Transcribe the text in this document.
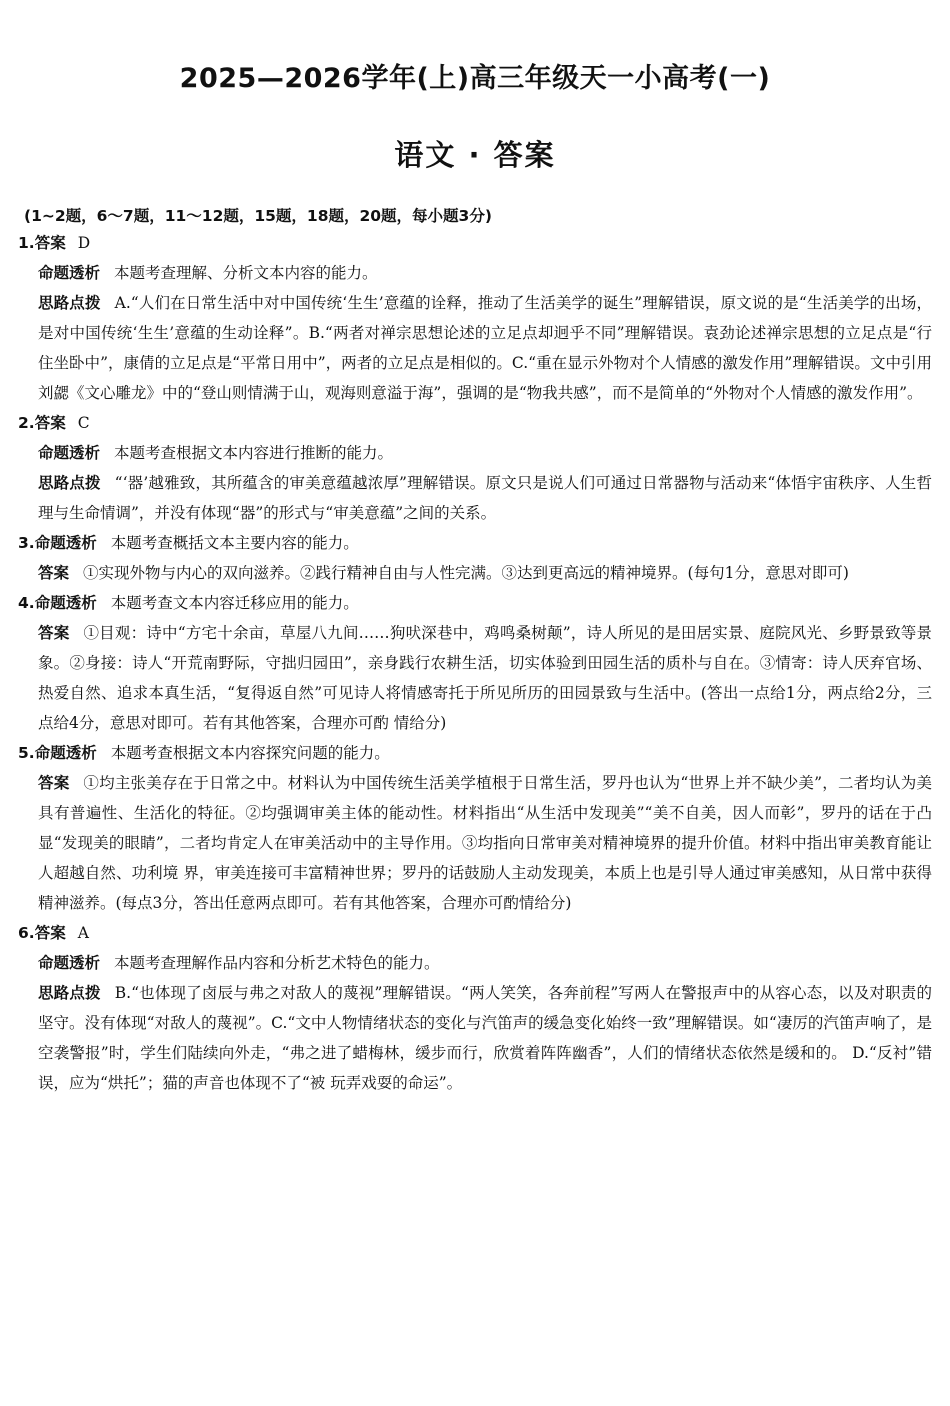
2025—2026学年(上)高三年级天一小高考(一)
语文 · 答案
(1~2题，6～7题，11～12题，15题，18题，20题，每小题3分)
1.答案 D

命题透析 本题考查理解、分析文本内容的能力。

思路点拨 A.“人们在日常生活中对中国传统‘生生’意蕴的诠释，推动了生活美学的诞生”理解错误，原文说的是“生活美学的出场，是对中国传统‘生生’意蕴的生动诠释”。B.“两者对禅宗思想论述的立足点却迥乎不同”理解错误。袁劲论述禅宗思想的立足点是“行住坐卧中”，康倩的立足点是“平常日用中”，两者的立足点是相似的。C.“重在显示外物对个人情感的激发作用”理解错误。文中引用刘勰《文心雕龙》中的“登山则情满于山，观海则意溢于海”，强调的是“物我共感”，而不是简单的“外物对个人情感的激发作用”。

2.答案 C

命题透析 本题考查根据文本内容进行推断的能力。

思路点拨 “‘器’越雅致，其所蕴含的审美意蕴越浓厚”理解错误。原文只是说人们可通过日常器物与活动来“体悟宇宙秩序、人生哲理与生命情调”，并没有体现“器”的形式与“审美意蕴”之间的关系。

3.命题透析 本题考查概括文本主要内容的能力。

答案 ①实现外物与内心的双向滋养。②践行精神自由与人性完满。③达到更高远的精神境界。(每句1分，意思对即可)

4.命题透析 本题考查文本内容迁移应用的能力。

答案 ①目观：诗中“方宅十余亩，草屋八九间……狗吠深巷中，鸡鸣桑树颠”，诗人所见的是田居实景、庭院风光、乡野景致等景象。②身接：诗人“开荒南野际，守拙归园田”，亲身践行农耕生活，切实体验到田园生活的质朴与自在。③情寄：诗人厌弃官场、热爱自然、追求本真生活，“复得返自然”可见诗人将情感寄托于所见所历的田园景致与生活中。(答出一点给1分，两点给2分，三点给4分，意思对即可。若有其他答案，合理亦可酌 情给分)

5.命题透析 本题考查根据文本内容探究问题的能力。

答案 ①均主张美存在于日常之中。材料认为中国传统生活美学植根于日常生活，罗丹也认为“世界上并不缺少美”，二者均认为美具有普遍性、生活化的特征。②均强调审美主体的能动性。材料指出“从生活中发现美”“美不自美，因人而彰”，罗丹的话在于凸显“发现美的眼睛”，二者均肯定人在审美活动中的主导作用。③均指向日常审美对精神境界的提升价值。材料中指出审美教育能让人超越自然、功利境 界，审美连接可丰富精神世界；罗丹的话鼓励人主动发现美，本质上也是引导人通过审美感知，从日常中获得精神滋养。(每点3分，答出任意两点即可。若有其他答案，合理亦可酌情给分)

6.答案 A

命题透析 本题考查理解作品内容和分析艺术特色的能力。

思路点拨 B.“也体现了卤辰与弗之对敌人的蔑视”理解错误。“两人笑笑，各奔前程”写两人在警报声中的从容心态，以及对职责的坚守。没有体现“对敌人的蔑视”。C.“文中人物情绪状态的变化与汽笛声的缓急变化始终一致”理解错误。如“凄厉的汽笛声响了，是空袭警报”时，学生们陆续向外走，“弗之进了蜡梅林，缓步而行，欣赏着阵阵幽香”，人们的情绪状态依然是缓和的。 D.“反衬”错误，应为“烘托”；猫的声音也体现不了“被 玩弄戏耍的命运”。
